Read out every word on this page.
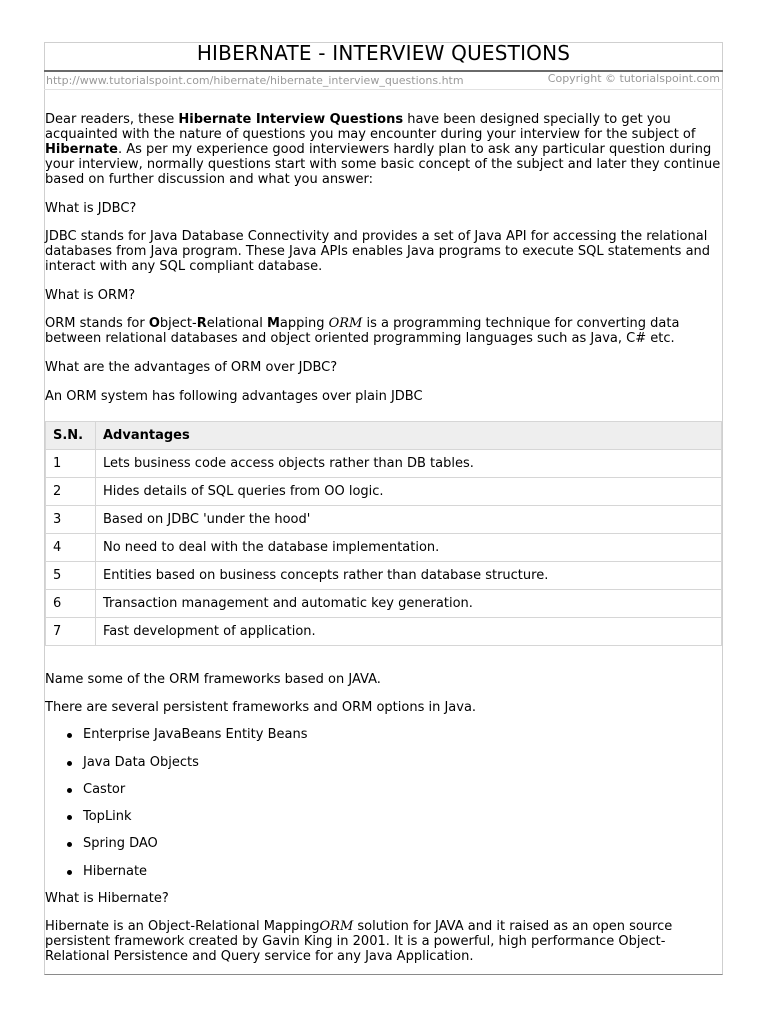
HIBERNATE - INTERVIEW QUESTIONS
http://www.tutorialspoint.com/hibernate/hibernate_interview_questions.htm	Copyright © tutorialspoint.com

Dear readers, these Hibernate Interview Questions have been designed specially to get you acquainted with the nature of questions you may encounter during your interview for the subject of Hibernate. As per my experience good interviewers hardly plan to ask any particular question during your interview, normally questions start with some basic concept of the subject and later they continue based on further discussion and what you answer:

What is JDBC?

JDBC stands for Java Database Connectivity and provides a set of Java API for accessing the relational databases from Java program. These Java APIs enables Java programs to execute SQL statements and interact with any SQL compliant database.

What is ORM?

ORM stands for Object-Relational Mapping ORM is a programming technique for converting data between relational databases and object oriented programming languages such as Java, C# etc.

What are the advantages of ORM over JDBC?

An ORM system has following advantages over plain JDBC

S.N.	Advantages
1	Lets business code access objects rather than DB tables.
2	Hides details of SQL queries from OO logic.
3	Based on JDBC 'under the hood'
4	No need to deal with the database implementation.
5	Entities based on business concepts rather than database structure.
6	Transaction management and automatic key generation.
7	Fast development of application.

Name some of the ORM frameworks based on JAVA.

There are several persistent frameworks and ORM options in Java.

Enterprise JavaBeans Entity Beans
Java Data Objects
Castor
TopLink
Spring DAO
Hibernate

What is Hibernate?

Hibernate is an Object-Relational MappingORM solution for JAVA and it raised as an open source persistent framework created by Gavin King in 2001. It is a powerful, high performance Object-Relational Persistence and Query service for any Java Application.
